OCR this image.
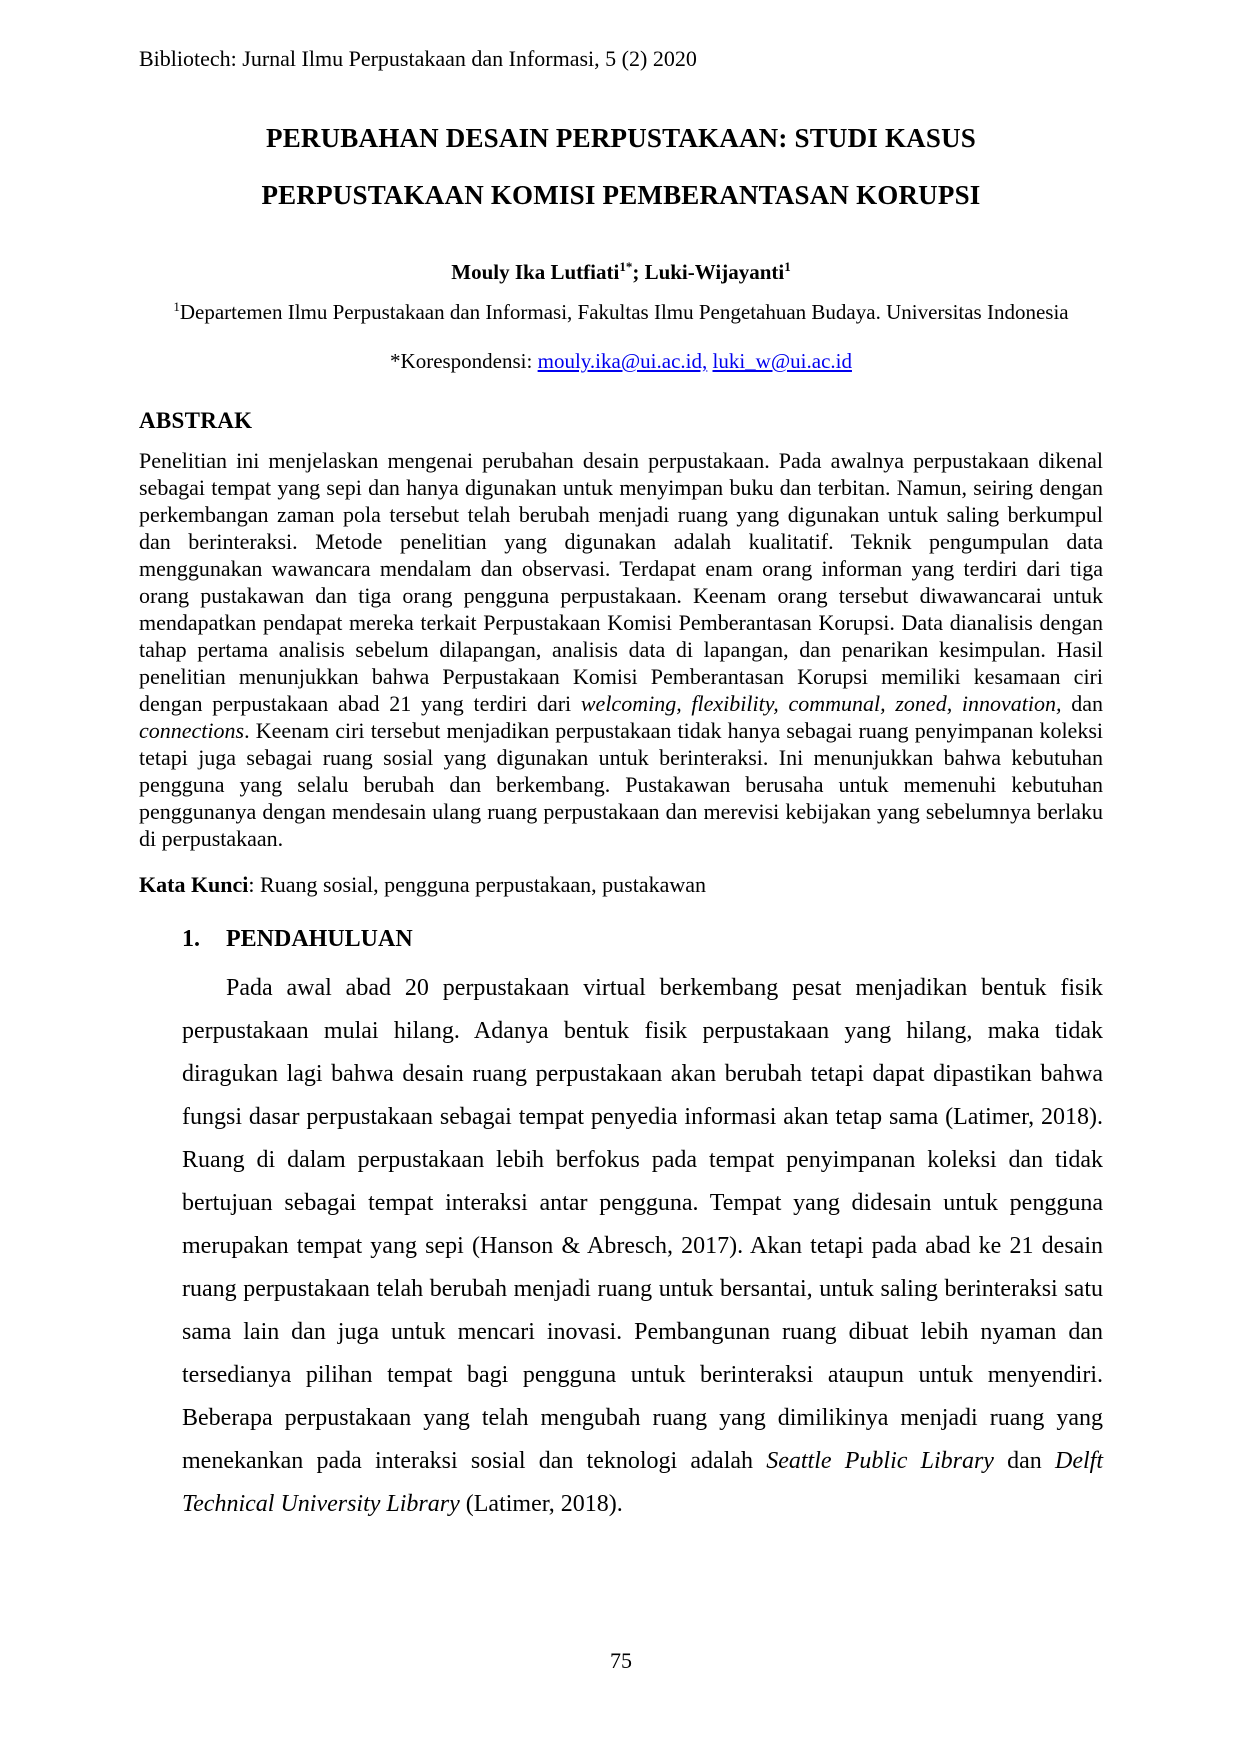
Bibliotech: Jurnal Ilmu Perpustakaan dan Informasi, 5 (2) 2020
PERUBAHAN DESAIN PERPUSTAKAAN: STUDI KASUS
PERPUSTAKAAN KOMISI PEMBERANTASAN KORUPSI
Mouly Ika Lutfiati$^{1*}$; Luki-Wijayanti$^1$
$^1$Departemen Ilmu Perpustakaan dan Informasi, Fakultas Ilmu Pengetahuan Budaya. Universitas Indonesia
*Korespondensi: mouly.ika@ui.ac.id, luki_w@ui.ac.id
ABSTRAK

Penelitian ini menjelaskan mengenai perubahan desain perpustakaan. Pada awalnya perpustakaan dikenal sebagai tempat yang sepi dan hanya digunakan untuk menyimpan buku dan terbitan. Namun, seiring dengan perkembangan zaman pola tersebut telah berubah menjadi ruang yang digunakan untuk saling berkumpul dan berinteraksi. Metode penelitian yang digunakan adalah kualitatif. Teknik pengumpulan data menggunakan wawancara mendalam dan observasi. Terdapat enam orang informan yang terdiri dari tiga orang pustakawan dan tiga orang pengguna perpustakaan. Keenam orang tersebut diwawancarai untuk mendapatkan pendapat mereka terkait Perpustakaan Komisi Pemberantasan Korupsi. Data dianalisis dengan tahap pertama analisis sebelum dilapangan, analisis data di lapangan, dan penarikan kesimpulan. Hasil penelitian menunjukkan bahwa Perpustakaan Komisi Pemberantasan Korupsi memiliki kesamaan ciri dengan perpustakaan abad 21 yang terdiri dari welcoming, flexibility, communal, zoned, innovation, dan connections. Keenam ciri tersebut menjadikan perpustakaan tidak hanya sebagai ruang penyimpanan koleksi tetapi juga sebagai ruang sosial yang digunakan untuk berinteraksi. Ini menunjukkan bahwa kebutuhan pengguna yang selalu berubah dan berkembang. Pustakawan berusaha untuk memenuhi kebutuhan penggunanya dengan mendesain ulang ruang perpustakaan dan merevisi kebijakan yang sebelumnya berlaku di perpustakaan.

Kata Kunci: Ruang sosial, pengguna perpustakaan, pustakawan
1. PENDAHULUAN

Pada awal abad 20 perpustakaan virtual berkembang pesat menjadikan bentuk fisik perpustakaan mulai hilang. Adanya bentuk fisik perpustakaan yang hilang, maka tidak diragukan lagi bahwa desain ruang perpustakaan akan berubah tetapi dapat dipastikan bahwa fungsi dasar perpustakaan sebagai tempat penyedia informasi akan tetap sama (Latimer, 2018). Ruang di dalam perpustakaan lebih berfokus pada tempat penyimpanan koleksi dan tidak bertujuan sebagai tempat interaksi antar pengguna. Tempat yang didesain untuk pengguna merupakan tempat yang sepi (Hanson & Abresch, 2017). Akan tetapi pada abad ke 21 desain ruang perpustakaan telah berubah menjadi ruang untuk bersantai, untuk saling berinteraksi satu sama lain dan juga untuk mencari inovasi. Pembangunan ruang dibuat lebih nyaman dan tersedianya pilihan tempat bagi pengguna untuk berinteraksi ataupun untuk menyendiri. Beberapa perpustakaan yang telah mengubah ruang yang dimilikinya menjadi ruang yang menekankan pada interaksi sosial dan teknologi adalah Seattle Public Library dan Delft Technical University Library (Latimer, 2018).

75
